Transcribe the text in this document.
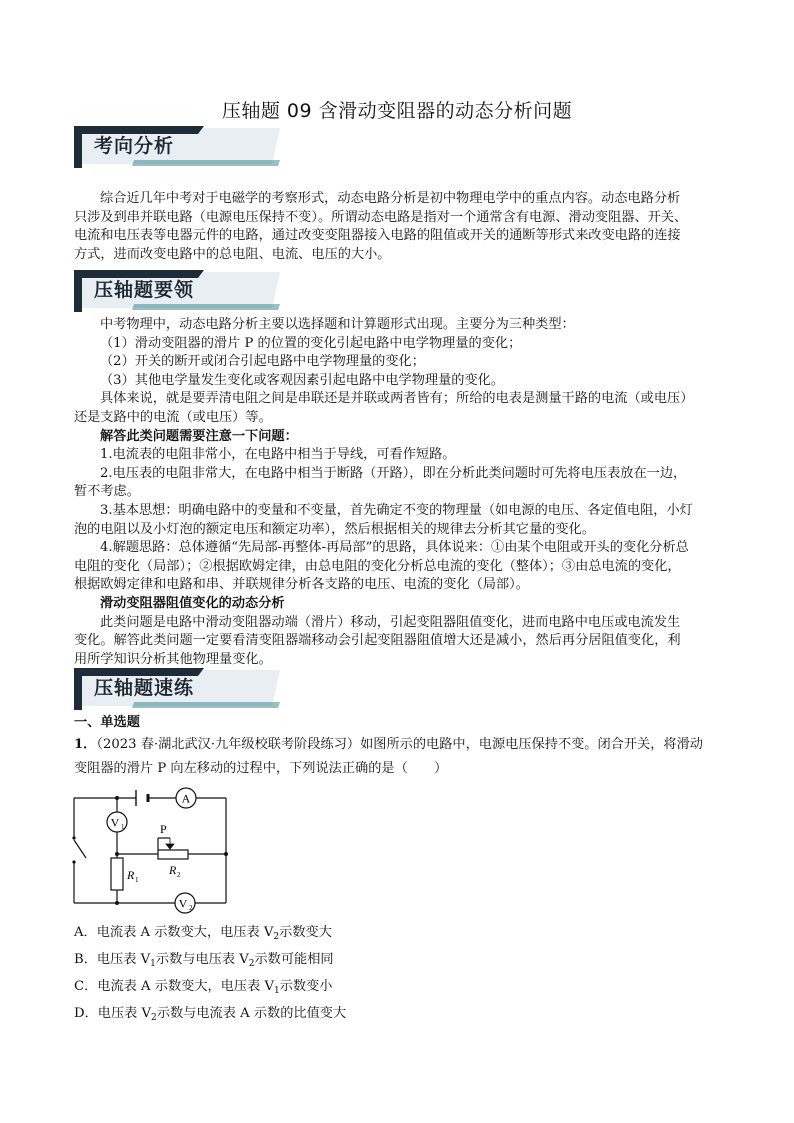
压轴题 09 含滑动变阻器的动态分析问题
考向分析

综合近几年中考对于电磁学的考察形式，动态电路分析是初中物理电学中的重点内容。动态电路分析

只涉及到串并联电路（电源电压保持不变）。所谓动态电路是指对一个通常含有电源、滑动变阻器、开关、

电流和电压表等电器元件的电路，通过改变变阻器接入电路的阻值或开关的通断等形式来改变电路的连接

方式，进而改变电路中的总电阻、电流、电压的大小。

压轴题要领

中考物理中，动态电路分析主要以选择题和计算题形式出现。主要分为三种类型：

（1）滑动变阻器的滑片 P 的位置的变化引起电路中电学物理量的变化；

（2）开关的断开或闭合引起电路中电学物理量的变化；

（3）其他电学量发生变化或客观因素引起电路中电学物理量的变化。

具体来说，就是要弄清电阻之间是串联还是并联或两者皆有；所给的电表是测量干路的电流（或电压）

还是支路中的电流（或电压）等。

解答此类问题需要注意一下问题：

1.电流表的电阻非常小，在电路中相当于导线，可看作短路。

2.电压表的电阻非常大，在电路中相当于断路（开路），即在分析此类问题时可先将电压表放在一边，

暂不考虑。

3.基本思想：明确电路中的变量和不变量，首先确定不变的物理量（如电源的电压、各定值电阻，小灯

泡的电阻以及小灯泡的额定电压和额定功率），然后根据相关的规律去分析其它量的变化。

4.解题思路：总体遵循“先局部-再整体-再局部”的思路，具体说来：①由某个电阻或开头的变化分析总

电阻的变化（局部）；②根据欧姆定律，由总电阻的变化分析总电流的变化（整体）；③由总电流的变化，

根据欧姆定律和电路和串、并联规律分析各支路的电压、电流的变化（局部）。

滑动变阻器阻值变化的动态分析

此类问题是电路中滑动变阻器动端（滑片）移动，引起变阻器阻值变化，进而电路中电压或电流发生

变化。解答此类问题一定要看清变阻器端移动会引起变阻器阻值增大还是减小，然后再分居阻值变化，利

用所学知识分析其他物理量变化。

压轴题速练

一、单选题

1．（2023 春·湖北武汉·九年级校联考阶段练习）如图所示的电路中，电源电压保持不变。闭合开关，将滑动

变阻器的滑片 P 向左移动的过程中，下列说法正确的是（　　）

A
V 1
R 1
P
R 2
V 2
A．电流表 A 示数变大，电压表 $V_2$示数变大
B．电压表 $V_1$示数与电压表 $V_2$示数可能相同
C．电流表 A 示数变大，电压表 $V_1$示数变小
D．电压表 $V_2$示数与电流表 A 示数的比值变大
